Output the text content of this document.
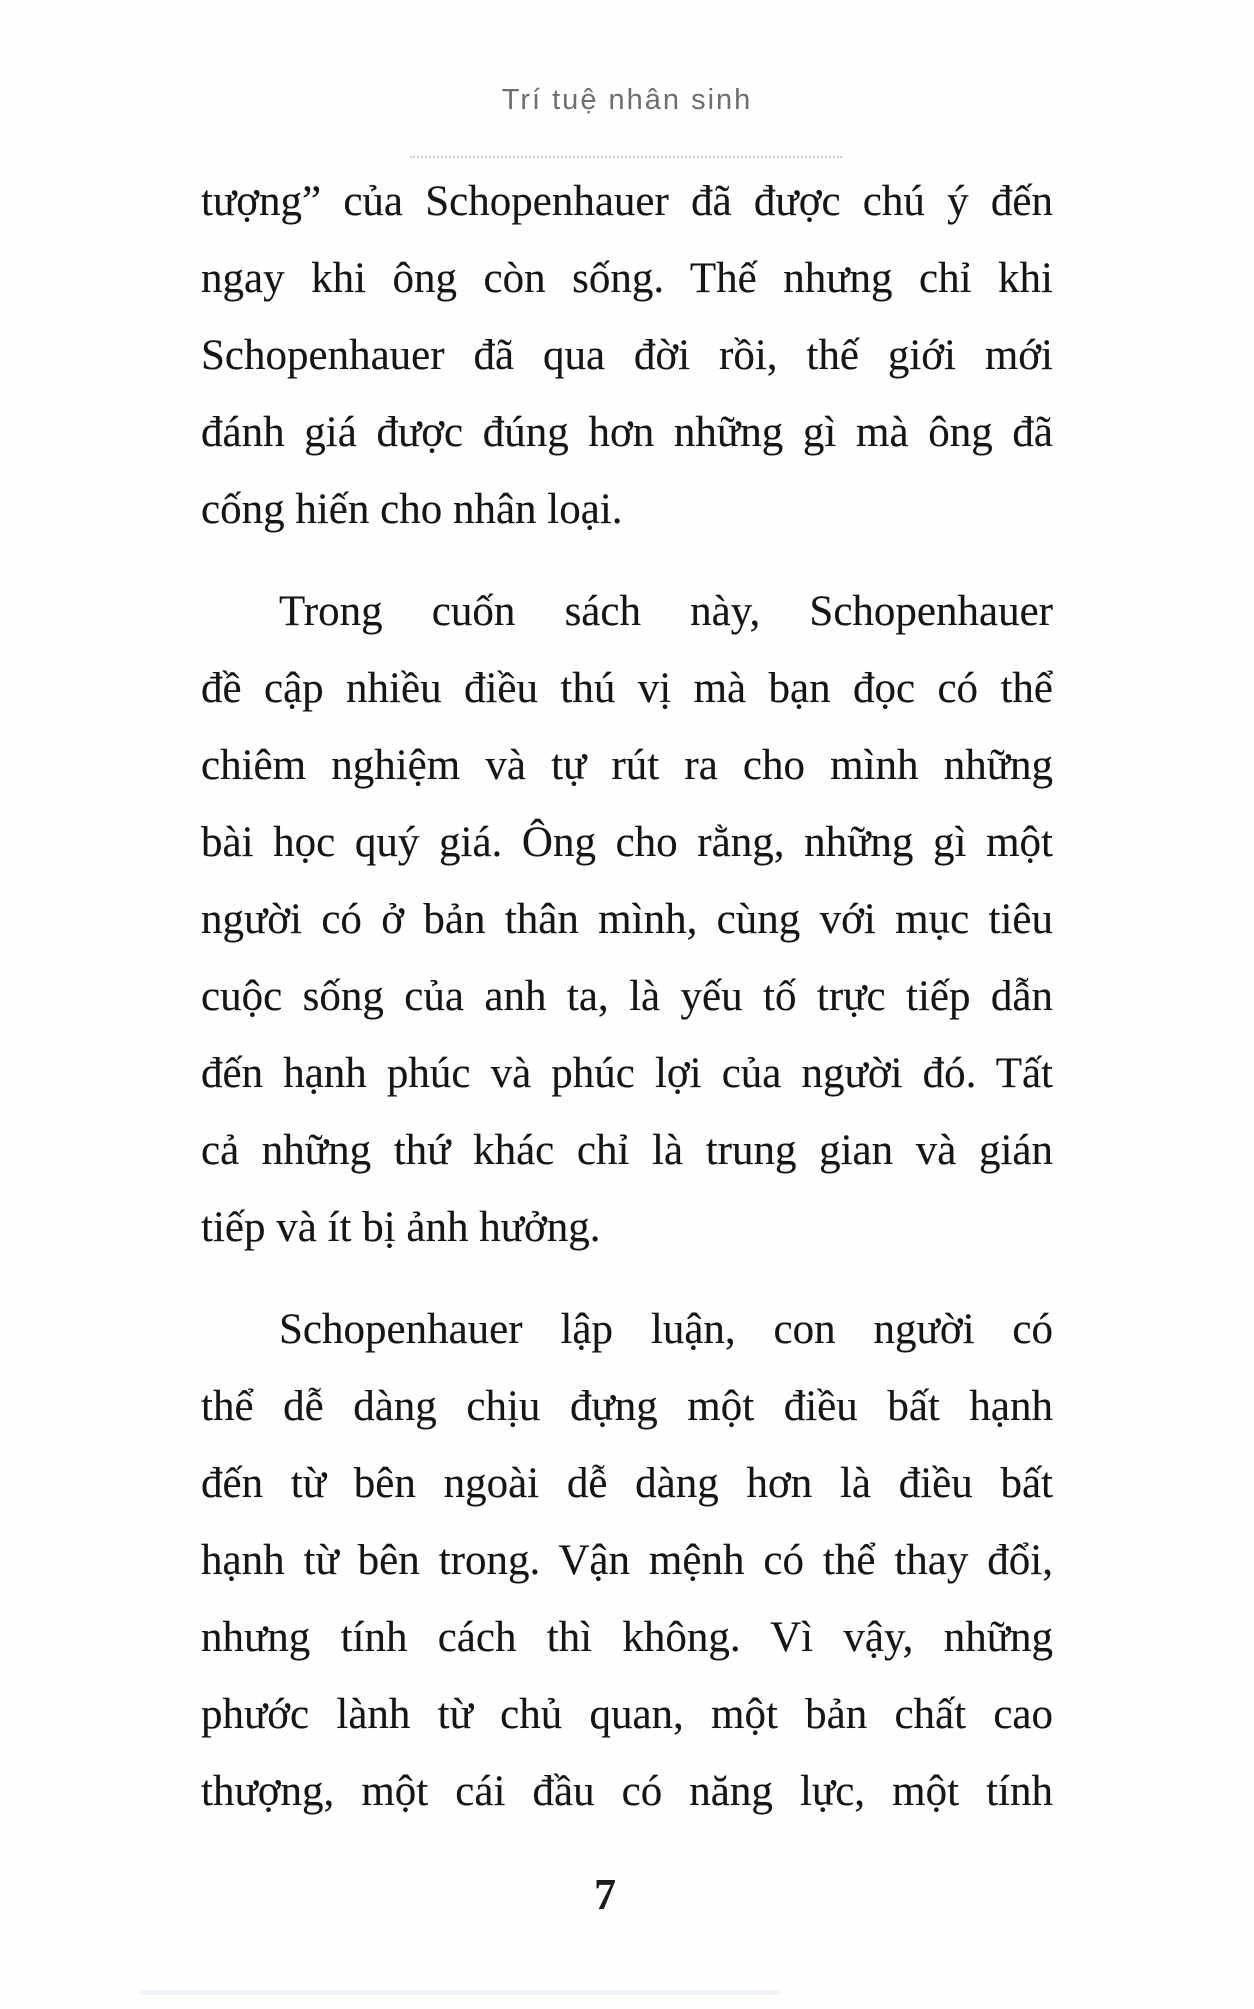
Trí tuệ nhân sinh
tượng” của Schopenhauer đã được chú ý đến
ngay khi ông còn sống. Thế nhưng chỉ khi
Schopenhauer đã qua đời rồi, thế giới mới
đánh giá được đúng hơn những gì mà ông đã
cống hiến cho nhân loại.
Trong cuốn sách này, Schopenhauer
đề cập nhiều điều thú vị mà bạn đọc có thể
chiêm nghiệm và tự rút ra cho mình những
bài học quý giá. Ông cho rằng, những gì một
người có ở bản thân mình, cùng với mục tiêu
cuộc sống của anh ta, là yếu tố trực tiếp dẫn
đến hạnh phúc và phúc lợi của người đó. Tất
cả những thứ khác chỉ là trung gian và gián
tiếp và ít bị ảnh hưởng.
Schopenhauer lập luận, con người có
thể dễ dàng chịu đựng một điều bất hạnh
đến từ bên ngoài dễ dàng hơn là điều bất
hạnh từ bên trong. Vận mệnh có thể thay đổi,
nhưng tính cách thì không. Vì vậy, những
phước lành từ chủ quan, một bản chất cao
thượng, một cái đầu có năng lực, một tính
7
